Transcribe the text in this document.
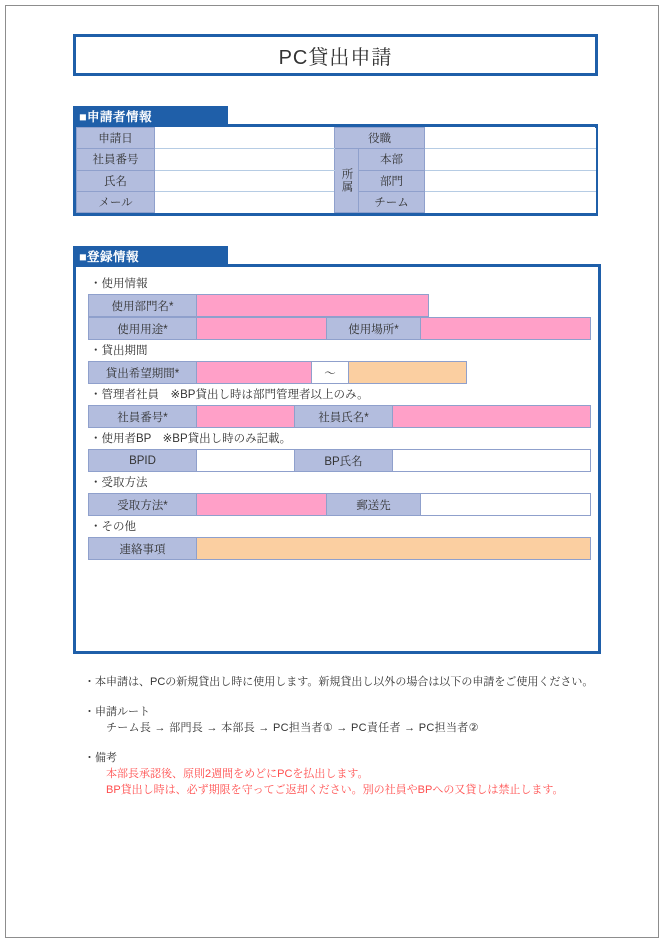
PC貸出申請
■申請者情報
申請日		役職		
社員番号		所属	本部	
氏名			部門	
メール			チーム	
■登録情報
・使用情報
使用部門名*		
使用用途*		使用場所*	
・貸出期間
貸出希望期間*		～		
・管理者社員　※BP貸出し時は部門管理者以上のみ。
社員番号*		社員氏名*	
・使用者BP　※BP貸出し時のみ記載。
BPID		BP氏名	
・受取方法
受取方法*		郵送先	
・その他
連絡事項	
・本申請は、PCの新規貸出し時に使用します。新規貸出し以外の場合は以下の申請をご使用ください。
・申請ルート
チーム長 → 部門長 → 本部長 → PC担当者① → PC責任者 → PC担当者②
・備考
本部長承認後、原則2週間をめどにPCを払出します。
BP貸出し時は、必ず期限を守ってご返却ください。別の社員やBPへの又貸しは禁止します。
